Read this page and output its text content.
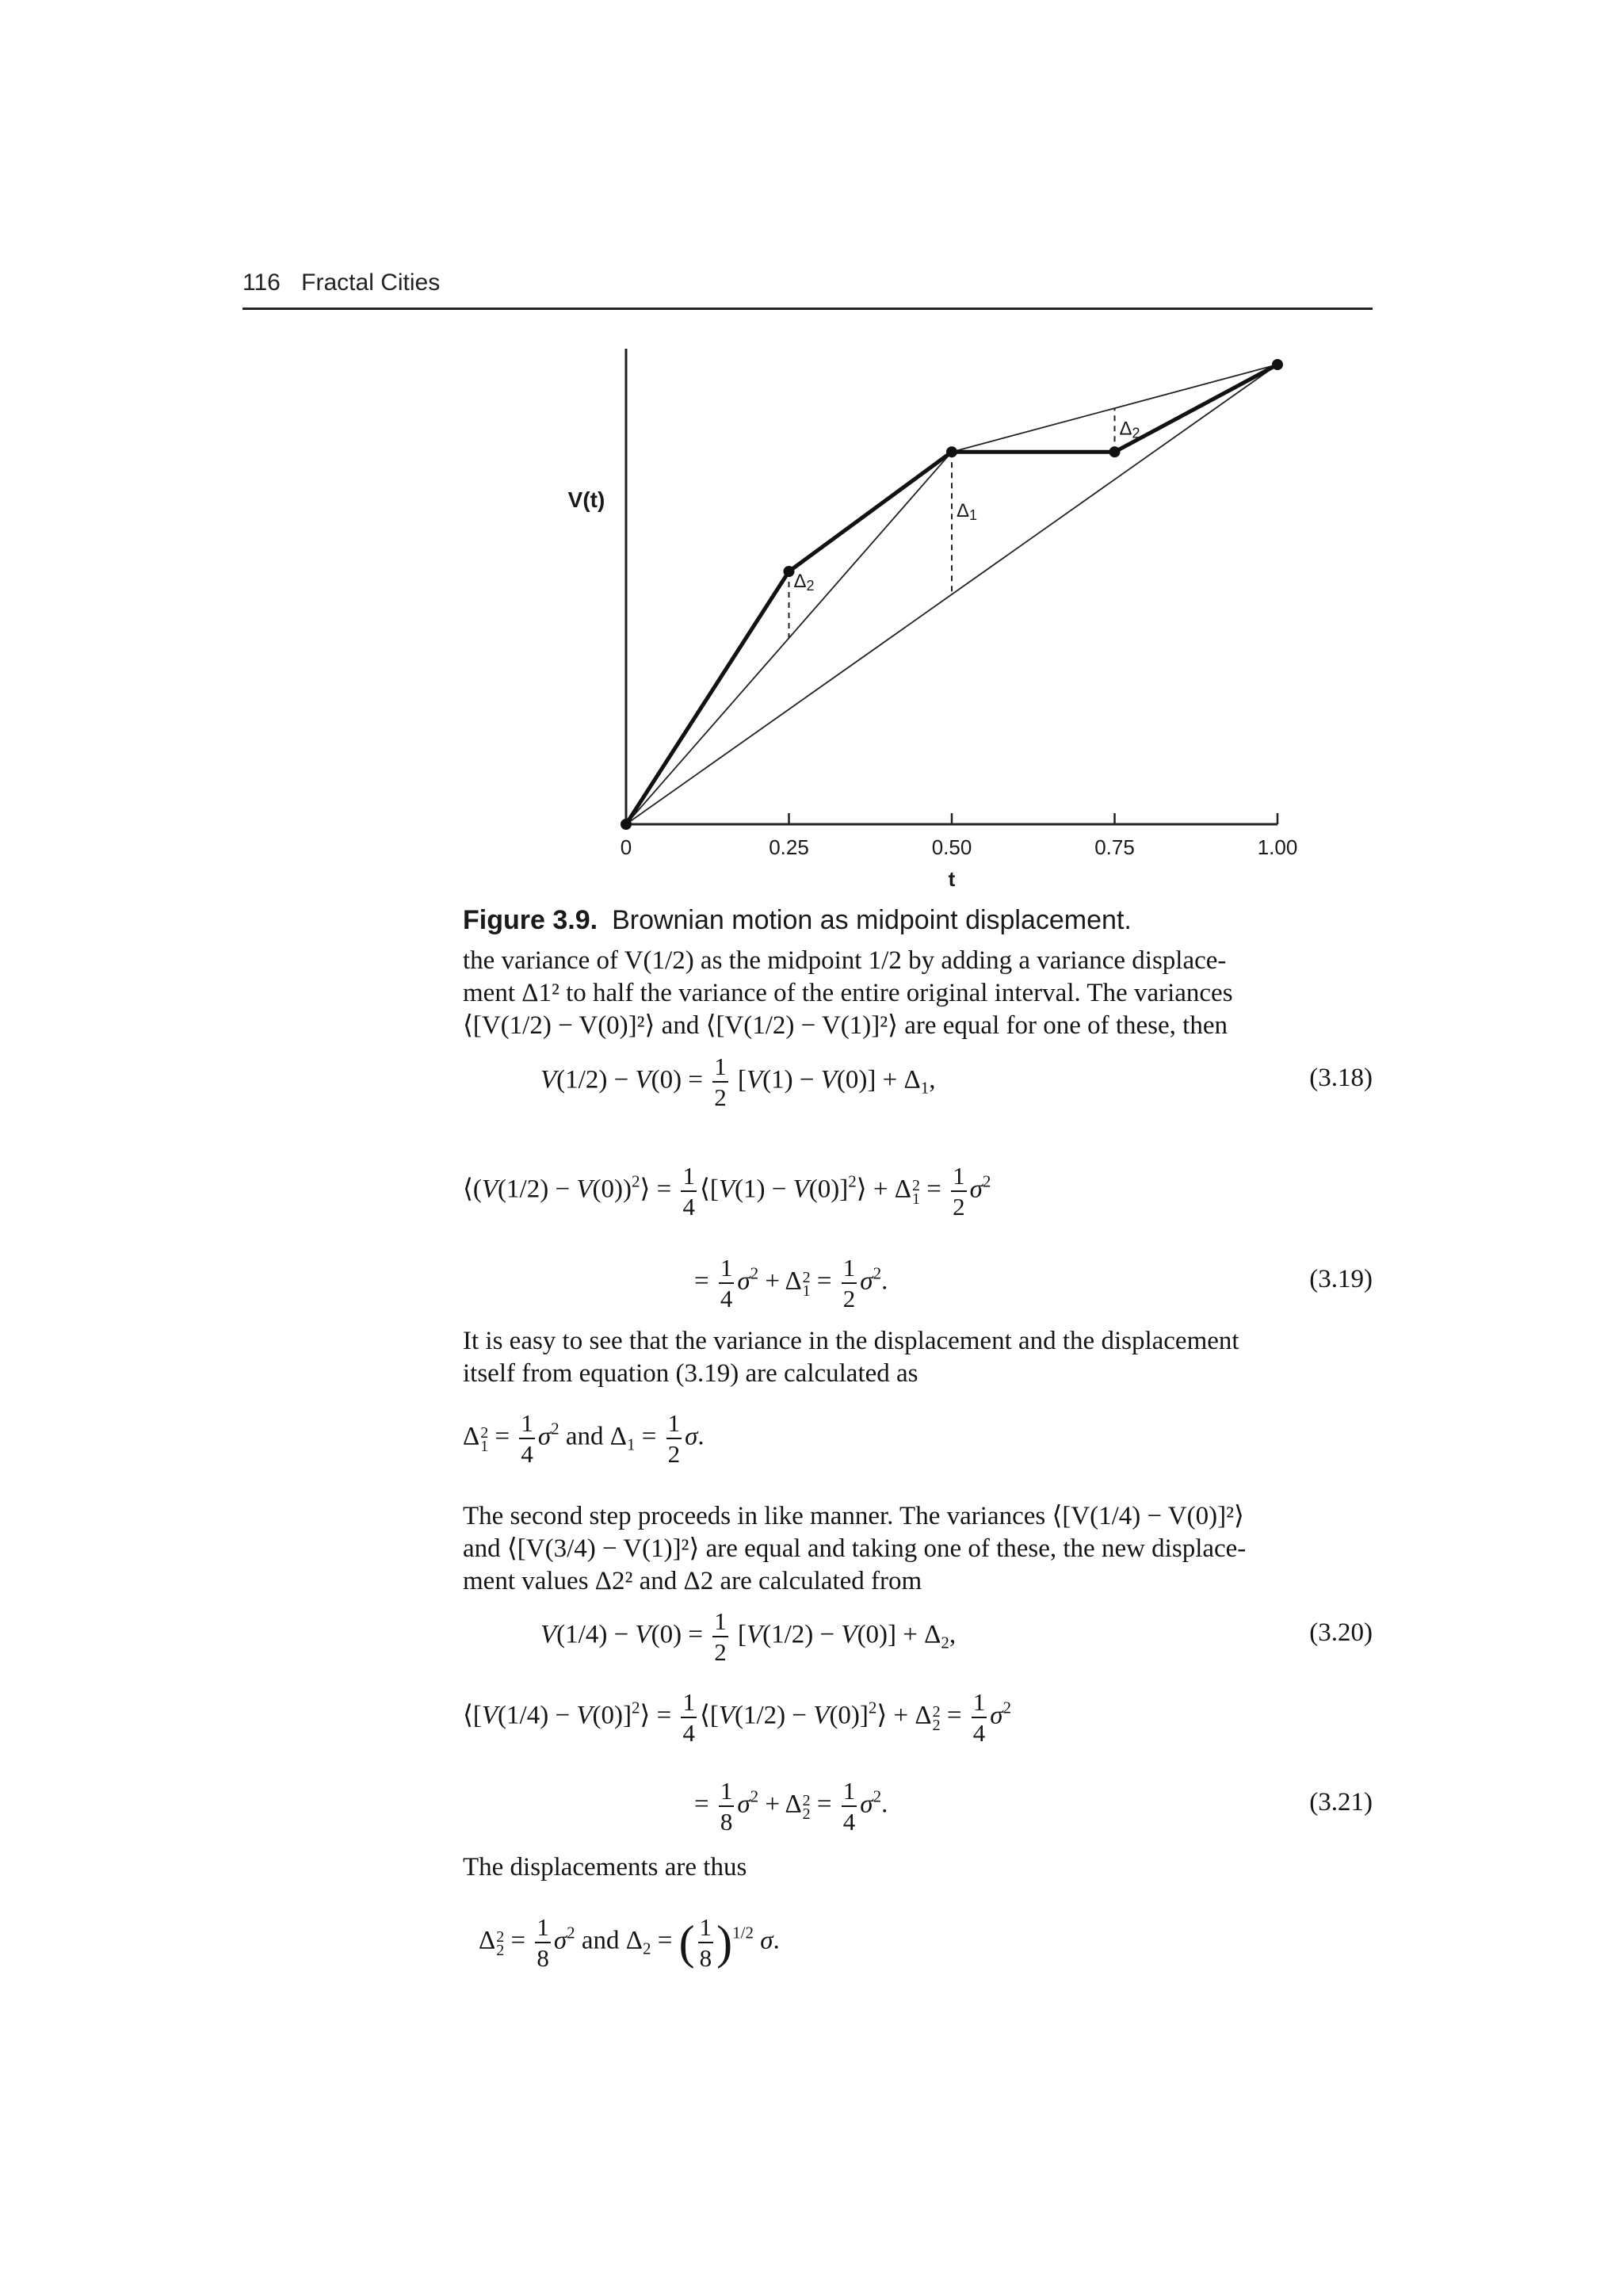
116 Fractal Cities
0	0.25	0.50	0.75	1.00
t
V(t)	Δ1
Δ2
Δ2
Figure 3.9. Brownian motion as midpoint displacement.

the variance of V(1/2) as the midpoint 1/2 by adding a variance displace-

ment Δ1² to half the variance of the entire original interval. The variances

⟨[V(1/2) − V(0)]²⟩ and ⟨[V(1/2) − V(1)]²⟩ are equal for one of these, then

$V(1/2) - V(0) = \frac{1}{2} [V(1) - V(0)] + \Delta_1$,	(3.18)
⟨(V(1/2) − V(0))$^2$⟩ = $\frac{1}{4}$ ⟨[V(1) − V(0)]$^2$⟩ + Δ 2
$1 = \frac{1}{2} \sigma^2$
= $\frac{1}{4} \sigma^2 + \Delta$ 2
$1 = \frac{1}{2} \sigma^2$.	(3.19)

It is easy to see that the variance in the displacement and the displacement

itself from equation (3.19) are calculated as

Δ 2
$1 = \frac{1}{4} \sigma^2$ and $\Delta_1 = \frac{1}{2} \sigma$.

The second step proceeds in like manner. The variances ⟨[V(1/4) − V(0)]²⟩

and ⟨[V(3/4) − V(1)]²⟩ are equal and taking one of these, the new displace-

ment values Δ2² and Δ2 are calculated from

$V(1/4) - V(0) = \frac{1}{2} [V(1/2) - V(0)] + \Delta_2$,	(3.20)
⟨[V(1/4) − V(0)]$^2$⟩ = $\frac{1}{4}$ ⟨[V(1/2) − V(0)]$^2$⟩ + Δ 2
$2 = \frac{1}{4} \sigma^2$
= $\frac{1}{8} \sigma^2 + \Delta$ 2
$2 = \frac{1}{4} \sigma^2$.	(3.21)

The displacements are thus

Δ 2
$2 = \frac{1}{8} \sigma^2$ and $\Delta_2$ = ( $\frac{1}{8} )^{1/2}$ σ.
